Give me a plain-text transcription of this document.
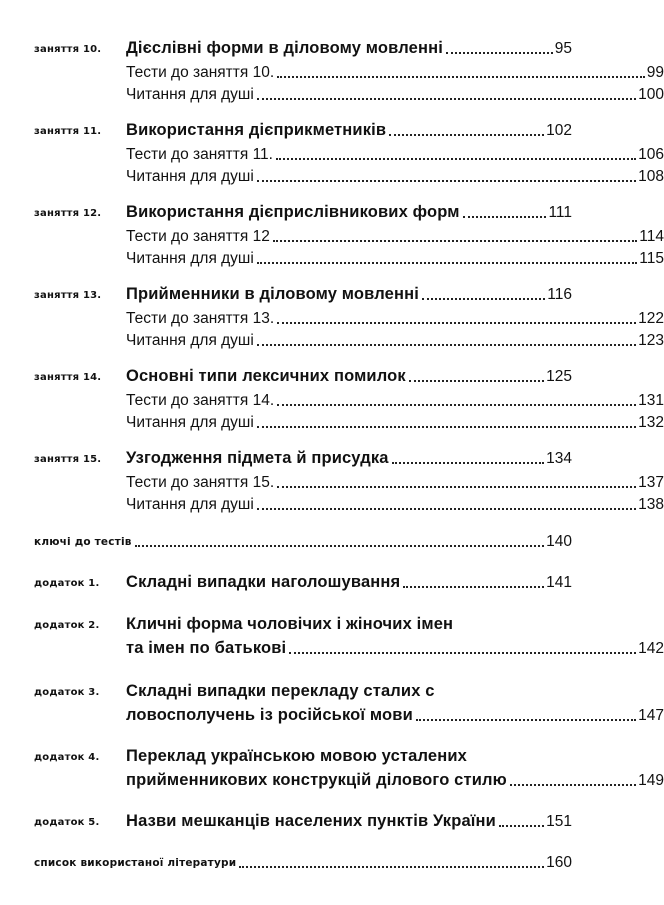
заняття 10.	Дієслівні форми в діловому мовленні	95
Тести до заняття 10.	99
Читання для душі	100
заняття 11.	Використання дієприкметників	102
Тести до заняття 11.	106
Читання для душі	108
заняття 12.	Використання дієприслівникових форм	111
Тести до заняття 12	114
Читання для душі	115
заняття 13.	Прийменники в діловому мовленні	116
Тести до заняття 13.	122
Читання для душі	123
заняття 14.	Основні типи лексичних помилок	125
Тести до заняття 14.	131
Читання для душі	132
заняття 15.	Узгодження підмета й присудка	134
Тести до заняття 15.	137
Читання для душі	138
ключі до тестів	140
додаток 1.	Складні випадки наголошування	141
додаток 2.	Кличні форма чоловічих і жіночих імен
та імен по батькові	142
додаток 3.	Складні випадки перекладу сталих с
ловосполучень із російської мови	147
додаток 4.	Переклад українською мовою усталених
прийменникових конструкцій ділового стилю	149
додаток 5.	Назви мешканців населених пунктів України	151
список використаної літератури	160
